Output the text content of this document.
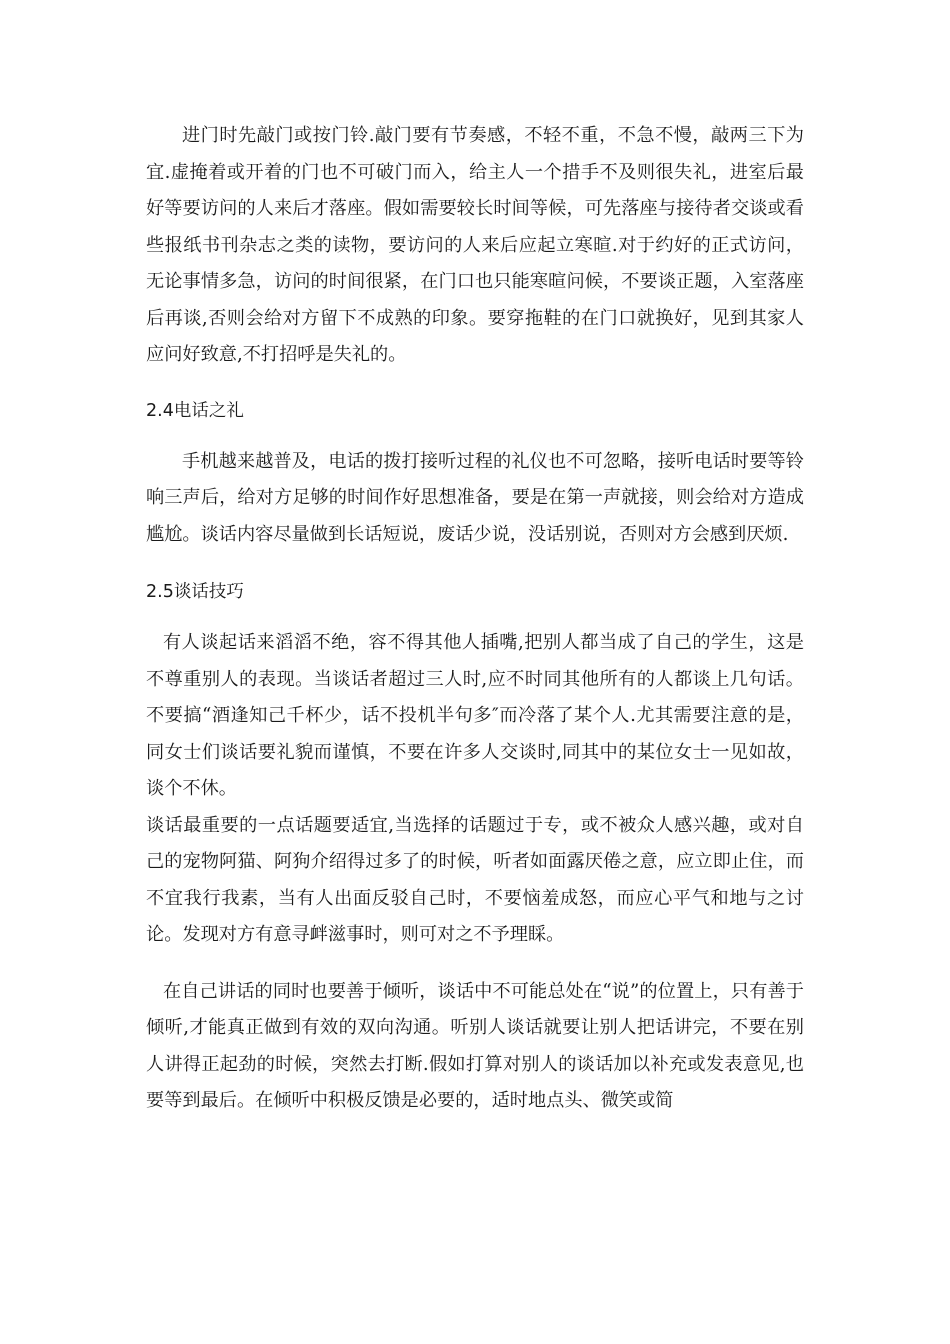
进门时先敲门或按门铃.敲门要有节奏感，不轻不重，不急不慢，敲两三下为宜.虚掩着或开着的门也不可破门而入，给主人一个措手不及则很失礼，进室后最好等要访问的人来后才落座。假如需要较长时间等候，可先落座与接待者交谈或看些报纸书刊杂志之类的读物，要访问的人来后应起立寒暄.对于约好的正式访问，无论事情多急，访问的时间很紧，在门口也只能寒暄问候，不要谈正题，入室落座后再谈,否则会给对方留下不成熟的印象。要穿拖鞋的在门口就换好，见到其家人应问好致意,不打招呼是失礼的。

2.4电话之礼

手机越来越普及，电话的拨打接听过程的礼仪也不可忽略，接听电话时要等铃响三声后，给对方足够的时间作好思想准备，要是在第一声就接，则会给对方造成尴尬。谈话内容尽量做到长话短说，废话少说，没话别说，否则对方会感到厌烦.

2.5谈话技巧

有人谈起话来滔滔不绝，容不得其他人插嘴,把别人都当成了自己的学生，这是不尊重别人的表现。当谈话者超过三人时,应不时同其他所有的人都谈上几句话。不要搞“酒逢知己千杯少，话不投机半句多″而冷落了某个人.尤其需要注意的是，同女士们谈话要礼貌而谨慎，不要在许多人交谈时,同其中的某位女士一见如故，谈个不休。

谈话最重要的一点话题要适宜,当选择的话题过于专，或不被众人感兴趣，或对自己的宠物阿猫、阿狗介绍得过多了的时候，听者如面露厌倦之意，应立即止住，而不宜我行我素，当有人出面反驳自己时，不要恼羞成怒，而应心平气和地与之讨论。发现对方有意寻衅滋事时，则可对之不予理睬。

在自己讲话的同时也要善于倾听，谈话中不可能总处在“说”的位置上，只有善于倾听,才能真正做到有效的双向沟通。听别人谈话就要让别人把话讲完，不要在别人讲得正起劲的时候，突然去打断.假如打算对别人的谈话加以补充或发表意见,也要等到最后。在倾听中积极反馈是必要的，适时地点头、微笑或简
